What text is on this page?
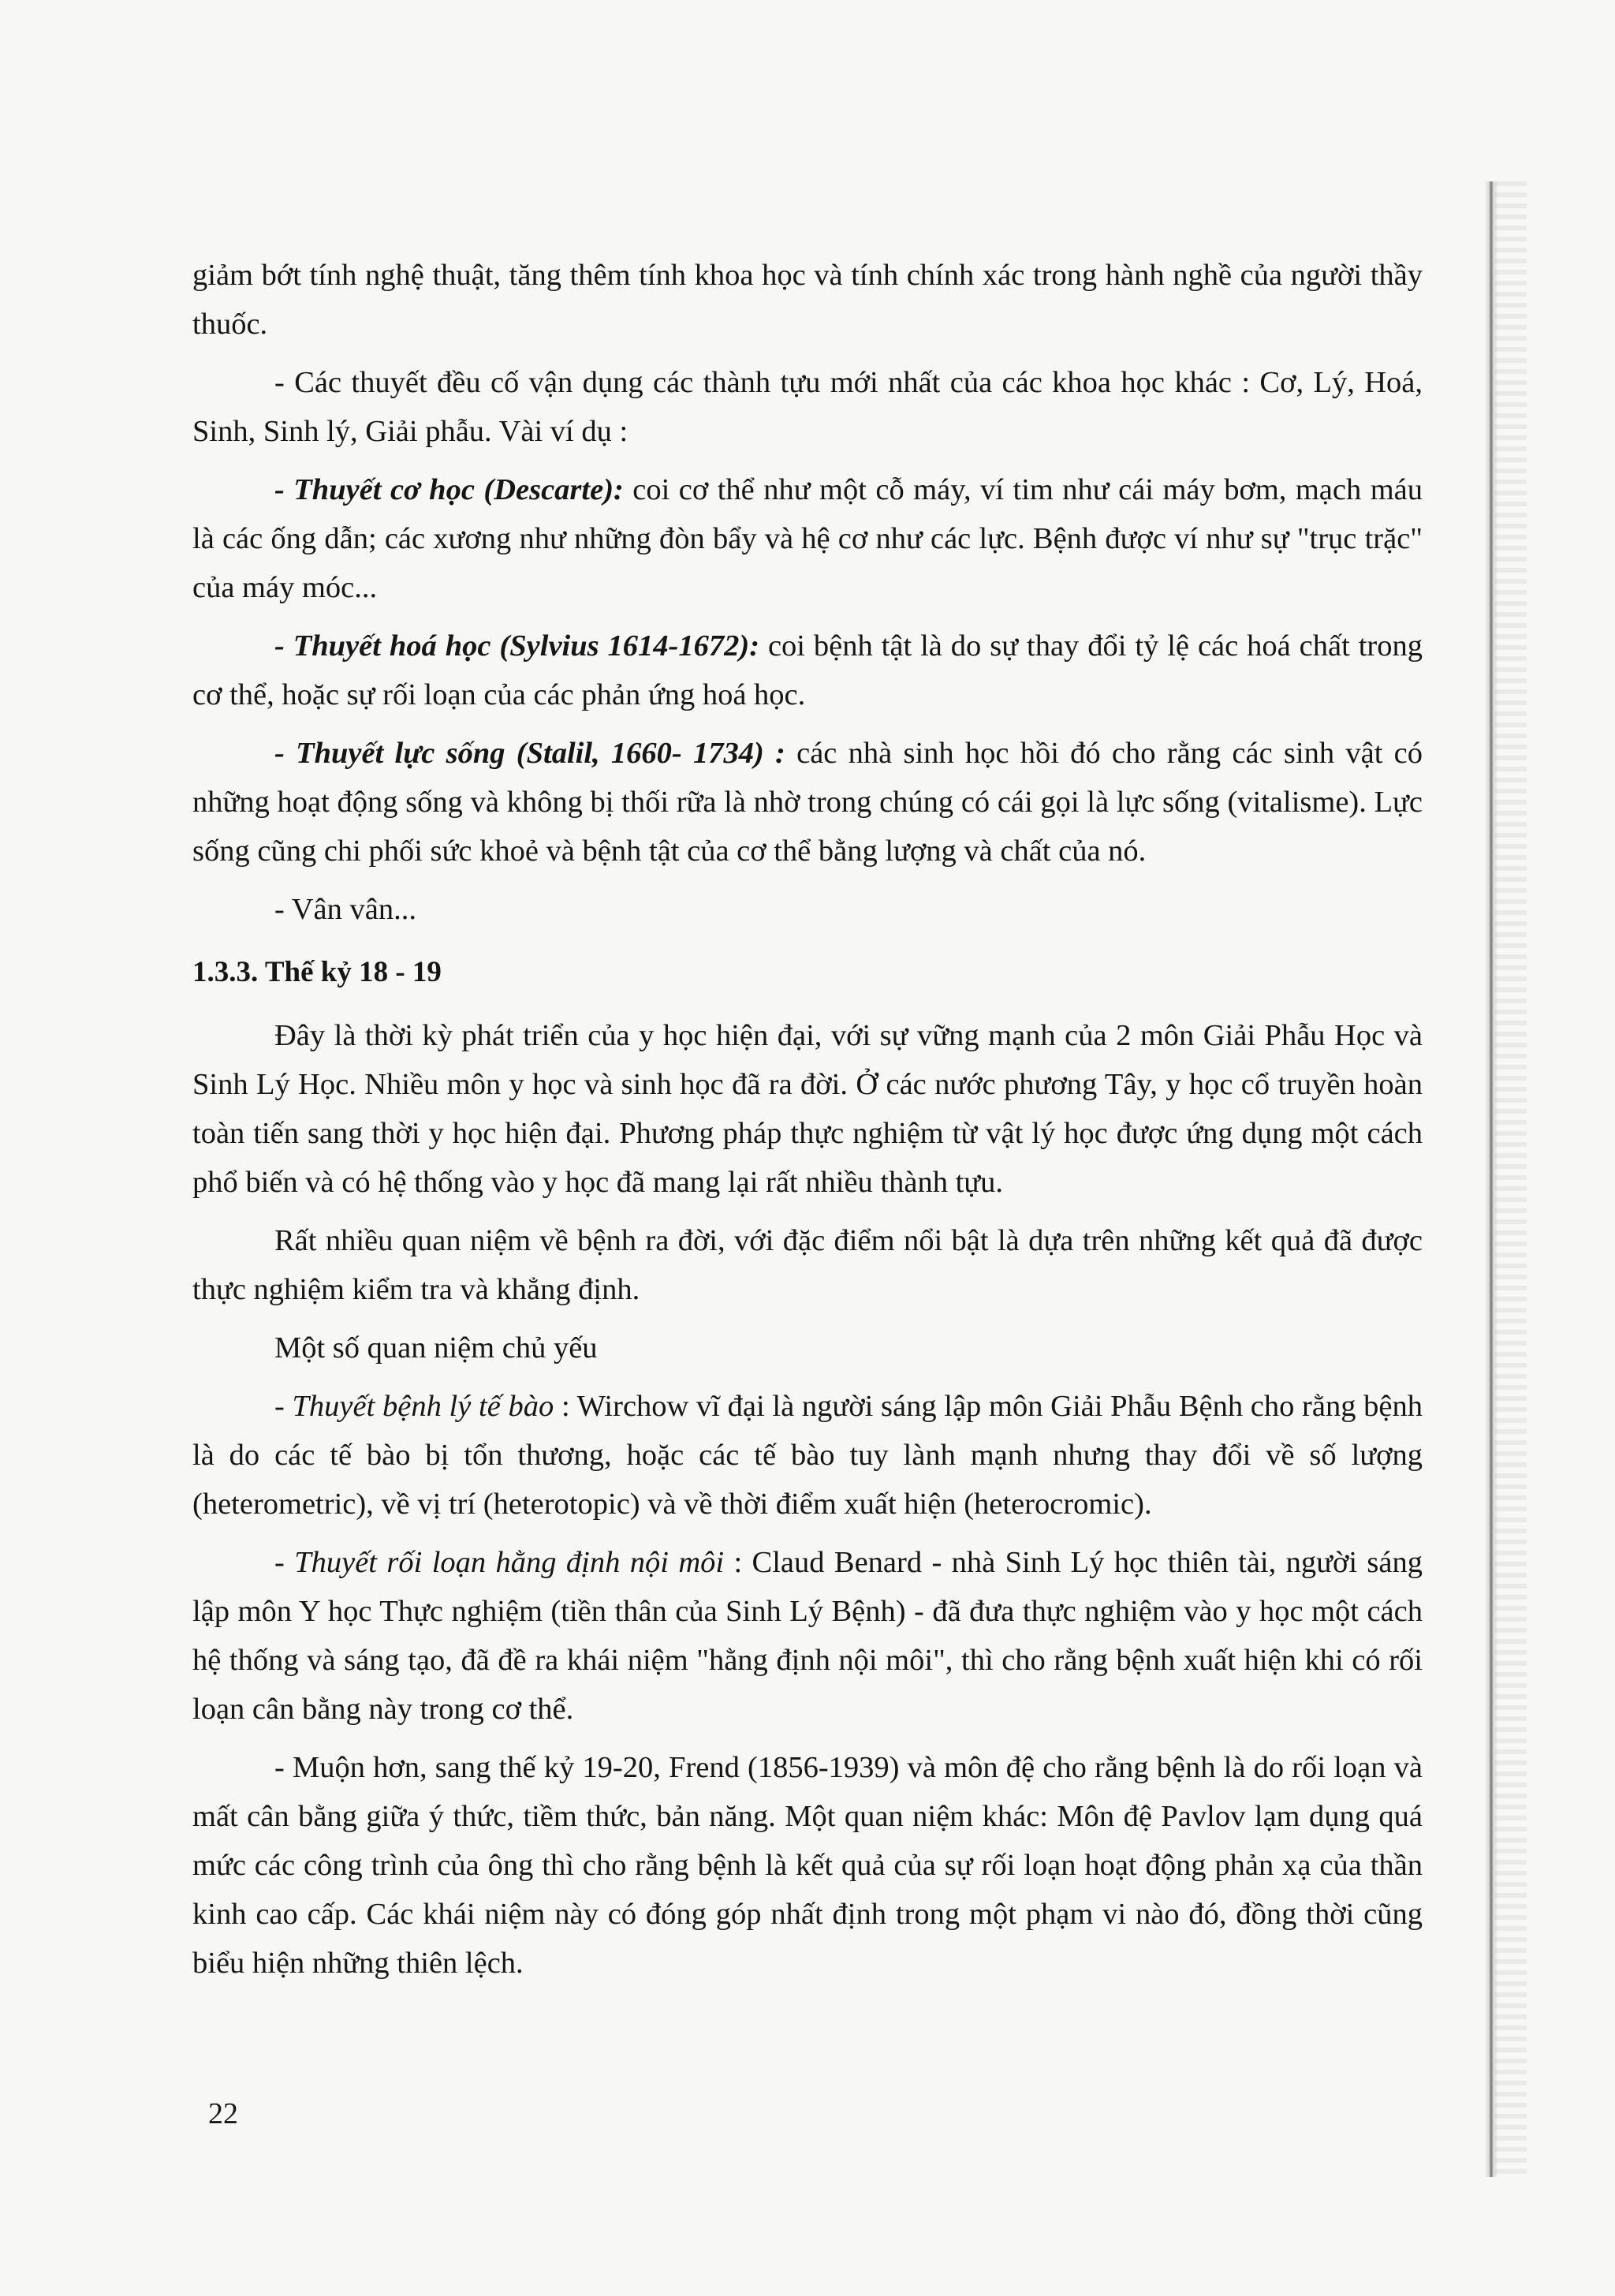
giảm bớt tính nghệ thuật, tăng thêm tính khoa học và tính chính xác trong hành nghề của người thầy thuốc.

- Các thuyết đều cố vận dụng các thành tựu mới nhất của các khoa học khác : Cơ, Lý, Hoá, Sinh, Sinh lý, Giải phẫu. Vài ví dụ :

- Thuyết cơ học (Descarte): coi cơ thể như một cỗ máy, ví tim như cái máy bơm, mạch máu là các ống dẫn; các xương như những đòn bẩy và hệ cơ như các lực. Bệnh được ví như sự "trục trặc" của máy móc...

- Thuyết hoá học (Sylvius 1614-1672): coi bệnh tật là do sự thay đổi tỷ lệ các hoá chất trong cơ thể, hoặc sự rối loạn của các phản ứng hoá học.

- Thuyết lực sống (Stalil, 1660- 1734) : các nhà sinh học hồi đó cho rằng các sinh vật có những hoạt động sống và không bị thối rữa là nhờ trong chúng có cái gọi là lực sống (vitalisme). Lực sống cũng chi phối sức khoẻ và bệnh tật của cơ thể bằng lượng và chất của nó.

- Vân vân...

1.3.3. Thế kỷ 18 - 19

Đây là thời kỳ phát triển của y học hiện đại, với sự vững mạnh của 2 môn Giải Phẫu Học và Sinh Lý Học. Nhiều môn y học và sinh học đã ra đời. Ở các nước phương Tây, y học cổ truyền hoàn toàn tiến sang thời y học hiện đại. Phương pháp thực nghiệm từ vật lý học được ứng dụng một cách phổ biến và có hệ thống vào y học đã mang lại rất nhiều thành tựu.

Rất nhiều quan niệm về bệnh ra đời, với đặc điểm nổi bật là dựa trên những kết quả đã được thực nghiệm kiểm tra và khẳng định.

Một số quan niệm chủ yếu

- Thuyết bệnh lý tế bào : Wirchow vĩ đại là người sáng lập môn Giải Phẫu Bệnh cho rằng bệnh là do các tế bào bị tổn thương, hoặc các tế bào tuy lành mạnh nhưng thay đổi về số lượng (heterometric), về vị trí (heterotopic) và về thời điểm xuất hiện (heterocromic).

- Thuyết rối loạn hằng định nội môi : Claud Benard - nhà Sinh Lý học thiên tài, người sáng lập môn Y học Thực nghiệm (tiền thân của Sinh Lý Bệnh) - đã đưa thực nghiệm vào y học một cách hệ thống và sáng tạo, đã đề ra khái niệm "hằng định nội môi", thì cho rằng bệnh xuất hiện khi có rối loạn cân bằng này trong cơ thể.

- Muộn hơn, sang thế kỷ 19-20, Frend (1856-1939) và môn đệ cho rằng bệnh là do rối loạn và mất cân bằng giữa ý thức, tiềm thức, bản năng. Một quan niệm khác: Môn đệ Pavlov lạm dụng quá mức các công trình của ông thì cho rằng bệnh là kết quả của sự rối loạn hoạt động phản xạ của thần kinh cao cấp. Các khái niệm này có đóng góp nhất định trong một phạm vi nào đó, đồng thời cũng biểu hiện những thiên lệch.

22
